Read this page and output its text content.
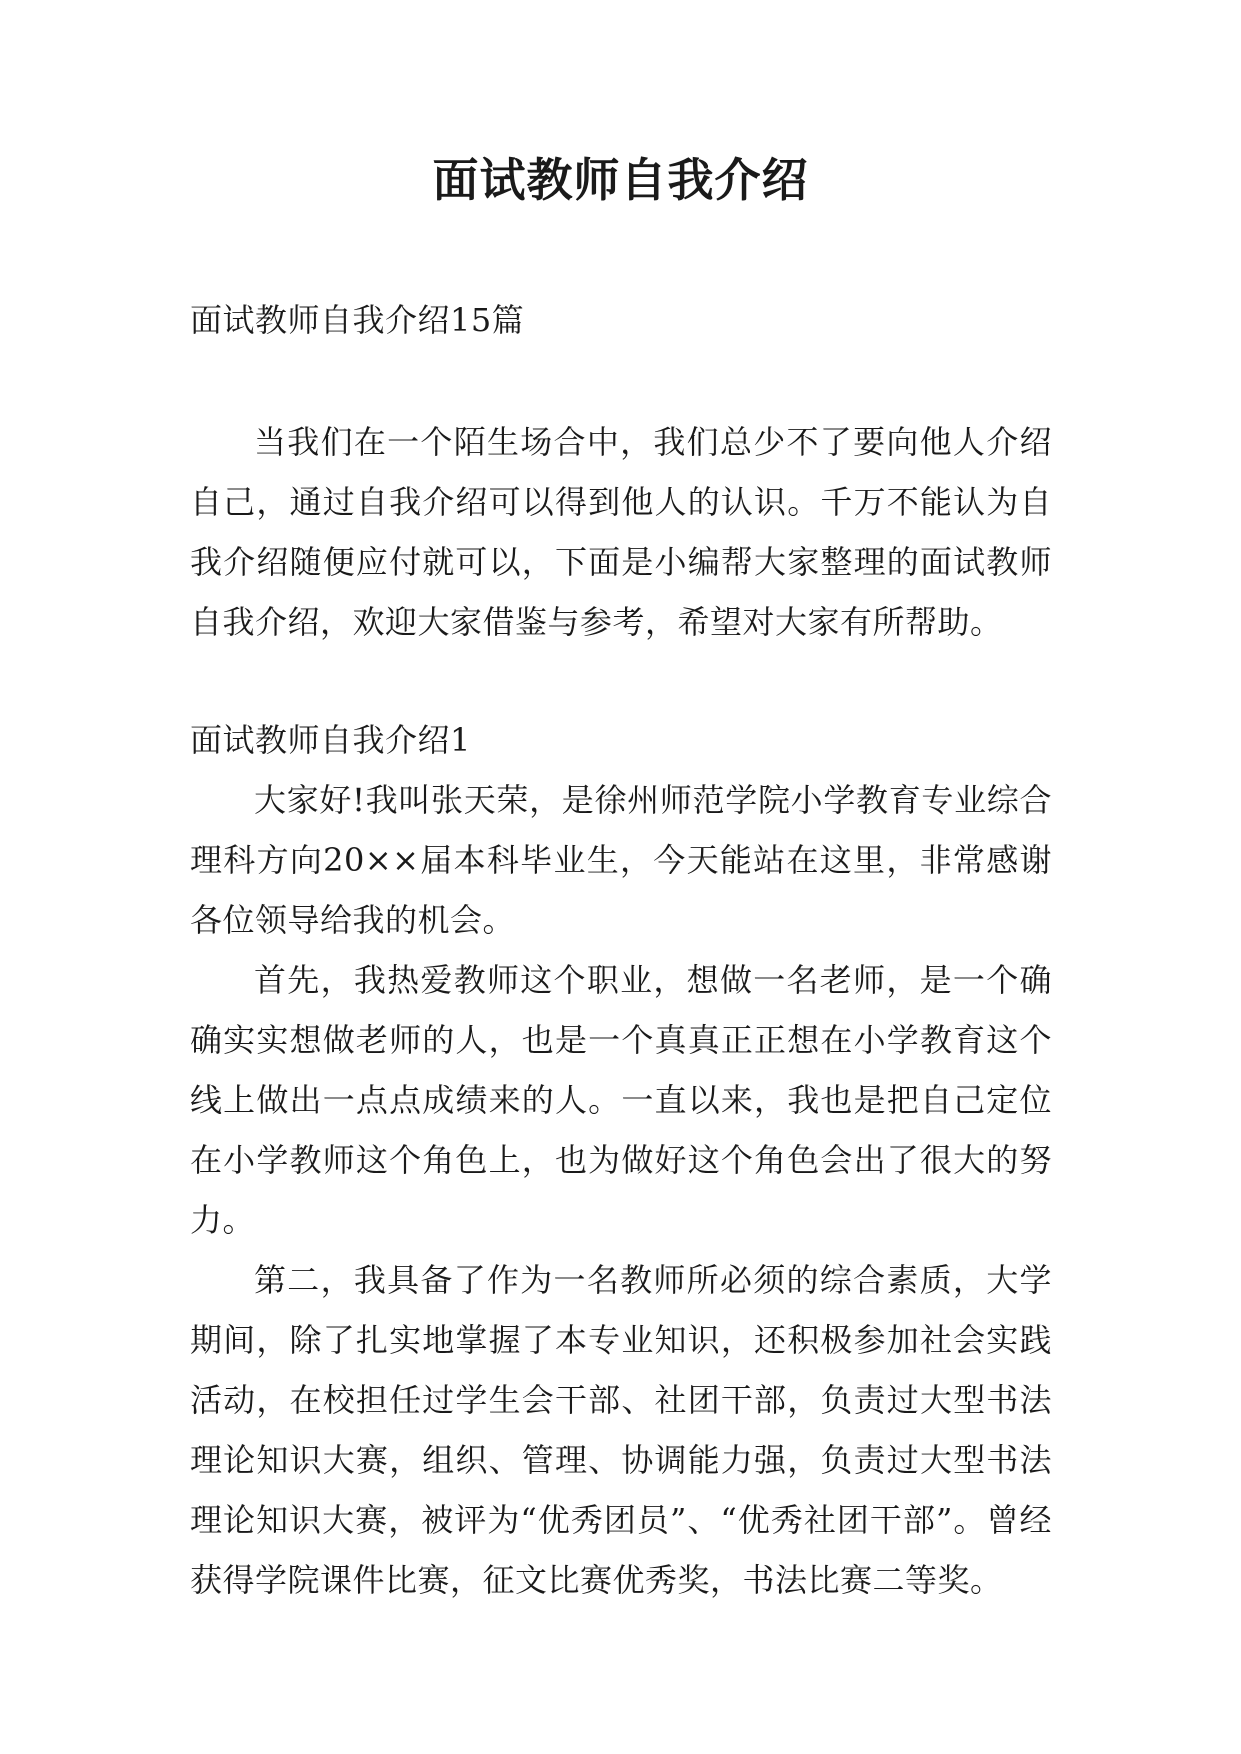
面试教师自我介绍

面试教师自我介绍15篇

当我们在一个陌生场合中，我们总少不了要向他人介绍自己，通过自我介绍可以得到他人的认识。千万不能认为自我介绍随便应付就可以，下面是小编帮大家整理的面试教师自我介绍，欢迎大家借鉴与参考，希望对大家有所帮助。

面试教师自我介绍1

大家好!我叫张天荣，是徐州师范学院小学教育专业综合理科方向20××届本科毕业生，今天能站在这里，非常感谢各位领导给我的机会。

首先，我热爱教师这个职业，想做一名老师，是一个确确实实想做老师的人，也是一个真真正正想在小学教育这个线上做出一点点成绩来的人。一直以来，我也是把自己定位在小学教师这个角色上，也为做好这个角色会出了很大的努力。

第二，我具备了作为一名教师所必须的综合素质，大学期间，除了扎实地掌握了本专业知识，还积极参加社会实践活动，在校担任过学生会干部、社团干部，负责过大型书法理论知识大赛，组织、管理、协调能力强，负责过大型书法理论知识大赛，被评为“优秀团员”、“优秀社团干部”。曾经获得学院课件比赛，征文比赛优秀奖，书法比赛二等奖。
